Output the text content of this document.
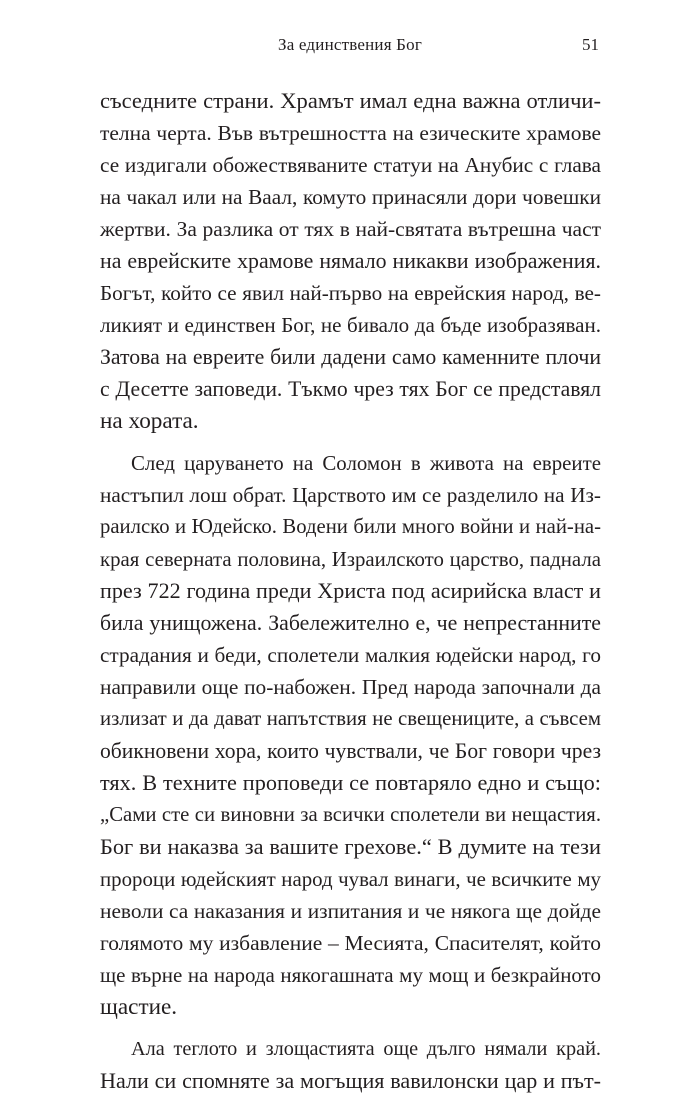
За единствения Бог	51
съседните страни. Храмът имал една важна отличи-
телна черта. Във вътрешността на езическите храмове
се издигали обожествяваните статуи на Анубис с глава
на чакал или на Ваал, комуто принасяли дори човешки
жертви. За разлика от тях в най-святата вътрешна част
на еврейските храмове нямало никакви изображения.
Богът, който се явил най-първо на еврейския народ, ве-
ликият и единствен Бог, не бивало да бъде изобразяван.
Затова на евреите били дадени само каменните плочи
с Десетте заповеди. Тъкмо чрез тях Бог се представял
на хората.
След царуването на Соломон в живота на евреите
настъпил лош обрат. Царството им се разделило на Из-
раилско и Юдейско. Водени били много войни и най-на-
края северната половина, Израилското царство, паднала
през 722 година преди Христа под асирийска власт и
била унищожена. Забележително е, че непрестанните
страдания и беди, сполетели малкия юдейски народ, го
направили още по-набожен. Пред народа започнали да
излизат и да дават напътствия не свещениците, а съвсем
обикновени хора, които чувствали, че Бог говори чрез
тях. В техните проповеди се повтаряло едно и също:
„Сами сте си виновни за всички сполетели ви нещастия.
Бог ви наказва за вашите грехове.“ В думите на тези
пророци юдейският народ чувал винаги, че всичките му
неволи са наказания и изпитания и че някога ще дойде
голямото му избавление – Месията, Спасителят, който
ще върне на народа някогашната му мощ и безкрайното
щастие.
Ала теглото и злощастията още дълго нямали край.
Нали си спомняте за могъщия вавилонски цар и път-
